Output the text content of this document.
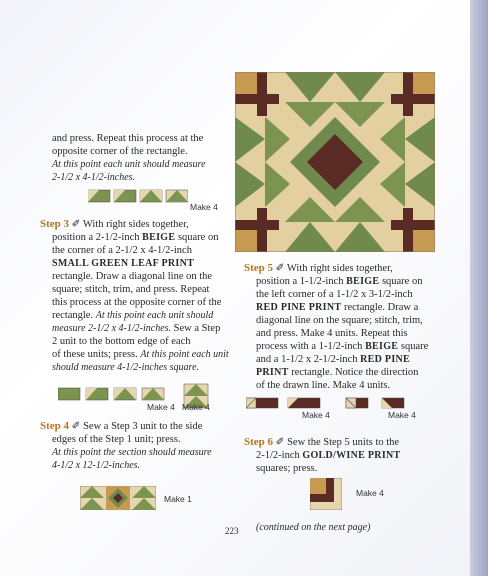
and press. Repeat this process at the
opposite corner of the rectangle.
At this point each unit should measure
2-1/2 x 4-1/2-inches.
Make 4
Step 3 ✐ With right sides together,
position a 2-1/2-inch BEIGE square on
the corner of a 2-1/2 x 4-1/2-inch
SMALL GREEN LEAF PRINT
rectangle. Draw a diagonal line on the
square; stitch, trim, and press. Repeat
this process at the opposite corner of the
rectangle. At this point each unit should
measure 2-1/2 x 4-1/2-inches. Sew a Step
2 unit to the bottom edge of each
of these units; press. At this point each unit
should measure 4-1/2-inches square.
Make 4 Make 4
Step 4 ✐ Sew a Step 3 unit to the side
edges of the Step 1 unit; press.
At this point the section should measure
4-1/2 x 12-1/2-inches.
Make 1
Step 5 ✐ With right sides together,
position a 1-1/2-inch BEIGE square on
the left corner of a 1-1/2 x 3-1/2-inch
RED PINE PRINT rectangle. Draw a
diagonal line on the square; stitch, trim,
and press. Make 4 units. Repeat this
process with a 1-1/2-inch BEIGE square
and a 1-1/2 x 2-1/2-inch RED PINE
PRINT rectangle. Notice the direction
of the drawn line. Make 4 units.
Make 4	Make 4
Step 6 ✐ Sew the Step 5 units to the
2-1/2-inch GOLD/WINE PRINT
squares; press.
Make 4
223 (continued on the next page)
